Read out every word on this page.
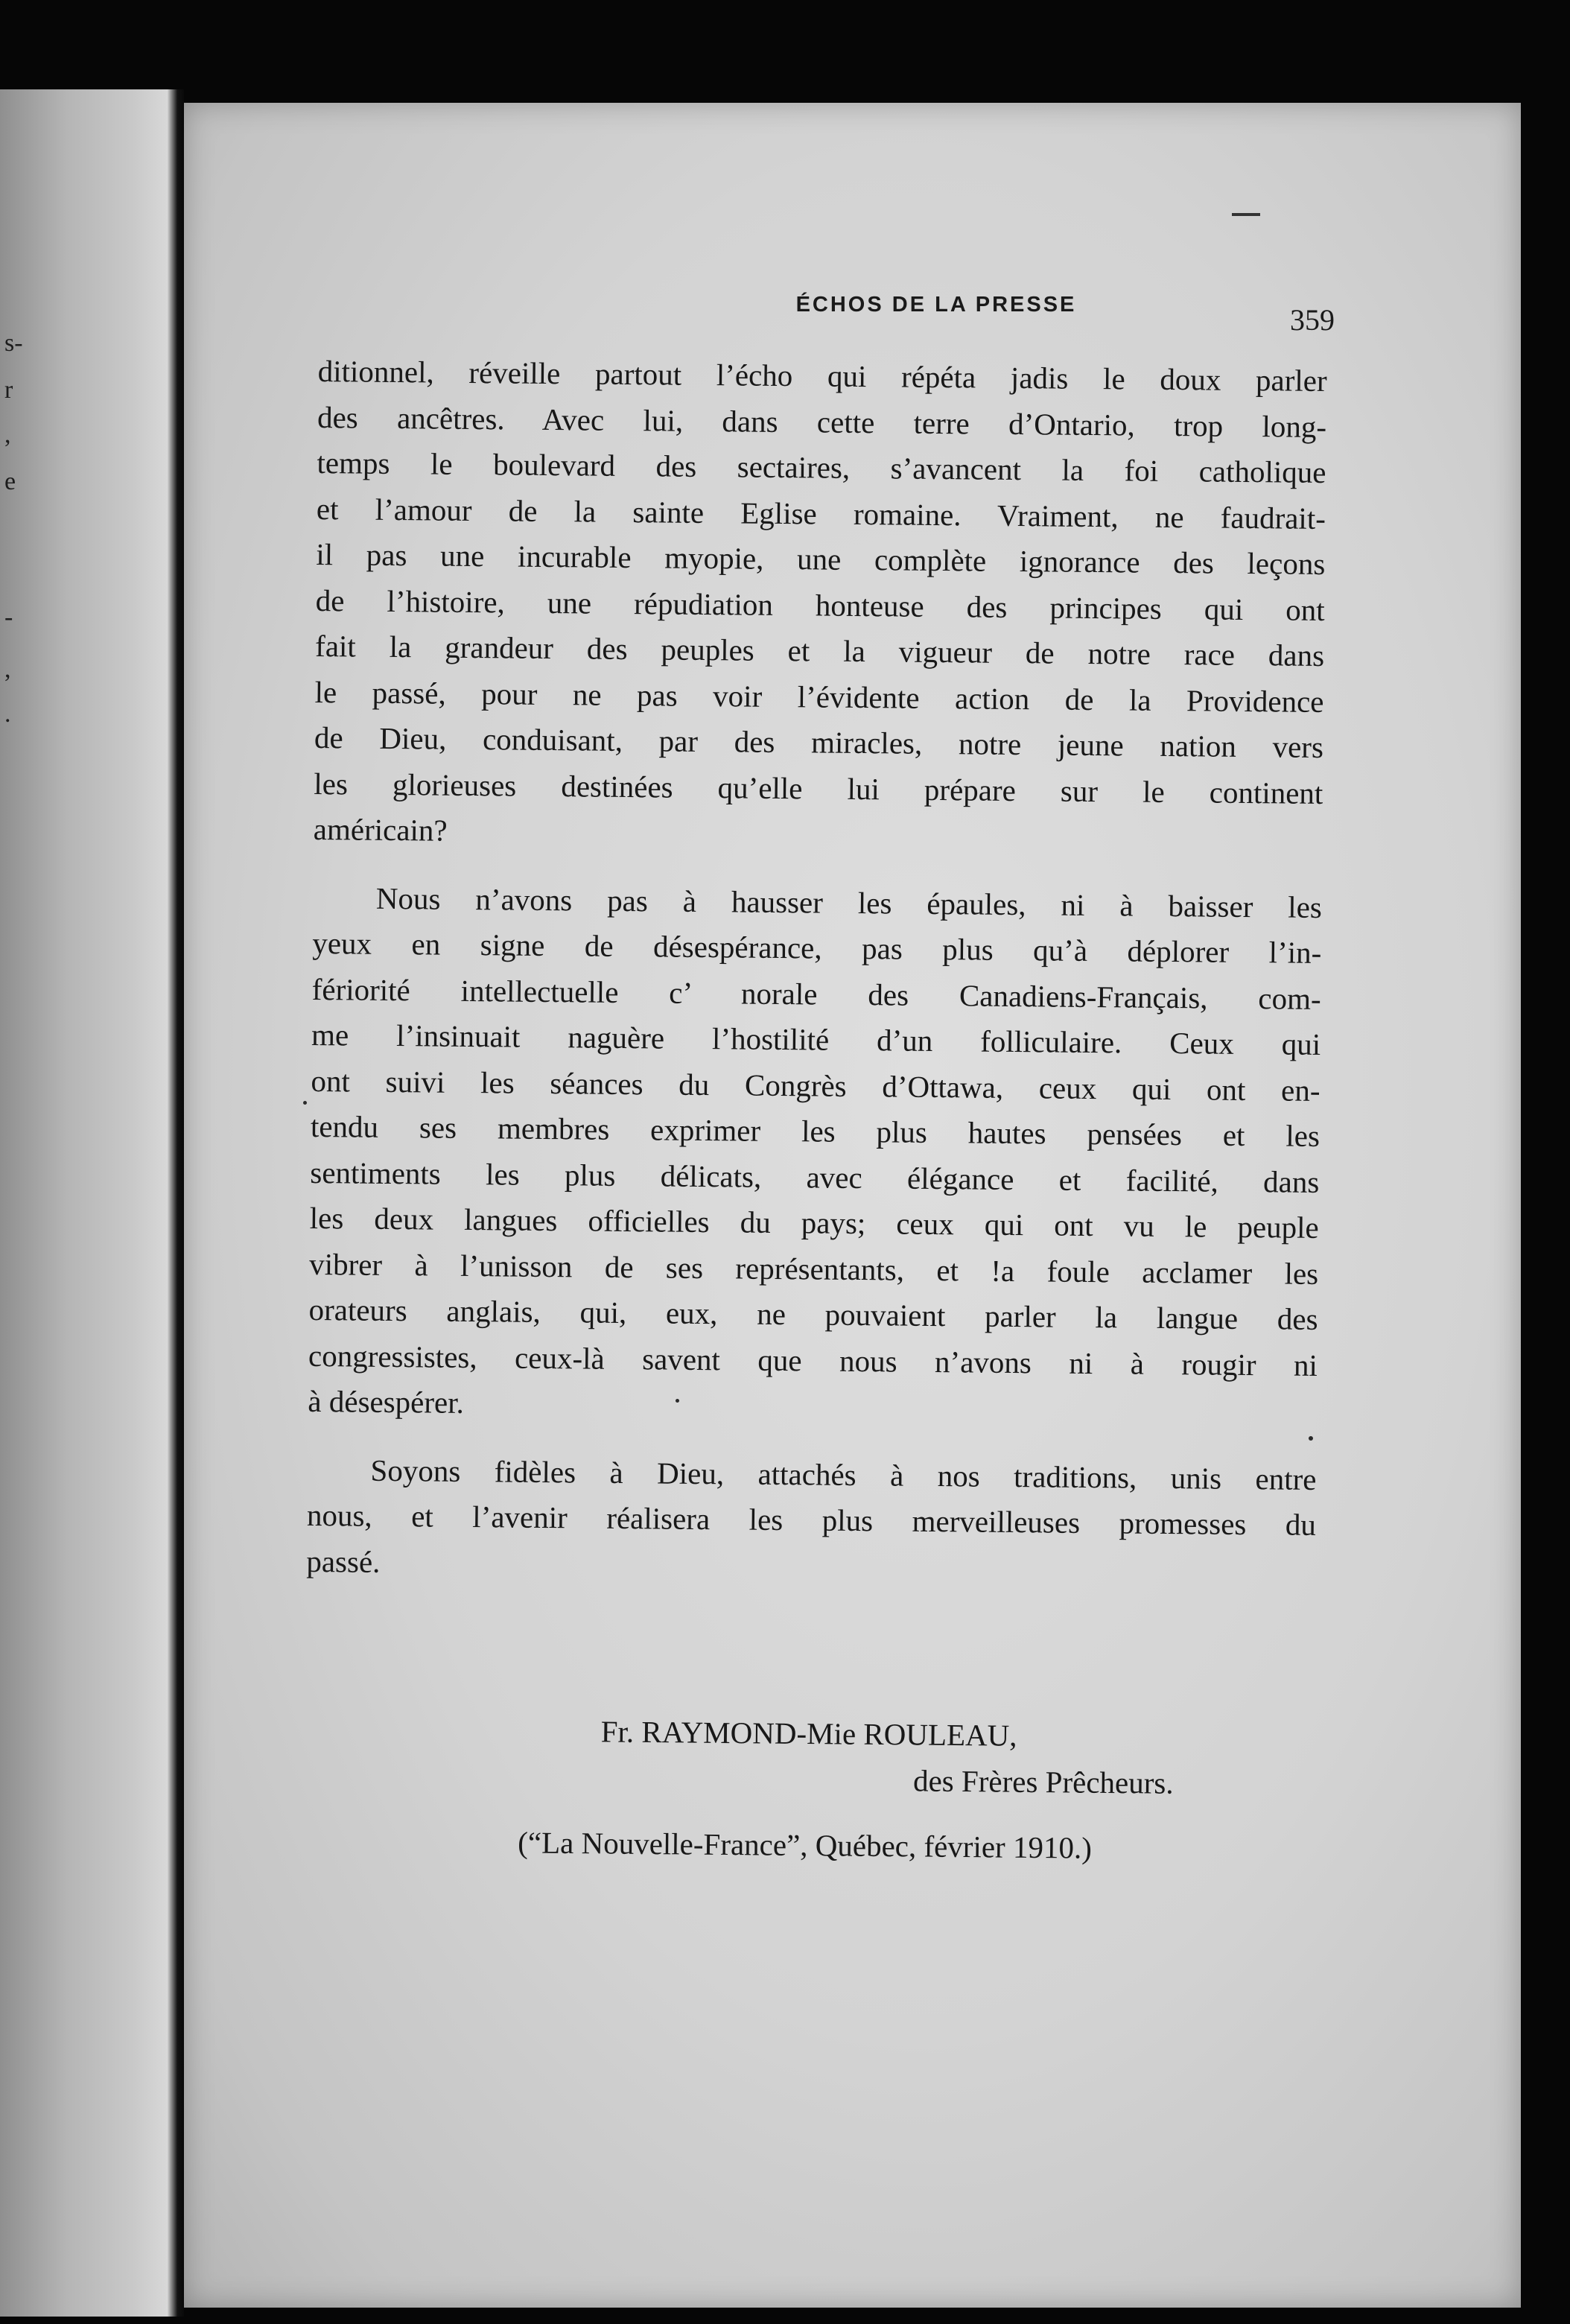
s-
r
,
e
-
,
.
ÉCHOS DE LA PRESSE	359

ditionnel, réveille partout l’écho qui répéta jadis le doux parler
des ancêtres. Avec lui, dans cette terre d’Ontario, trop long-
temps le boulevard des sectaires, s’avancent la foi catholique
et l’amour de la sainte Eglise romaine. Vraiment, ne faudrait-
il pas une incurable myopie, une complète ignorance des leçons
de l’histoire, une répudiation honteuse des principes qui ont
fait la grandeur des peuples et la vigueur de notre race dans
le passé, pour ne pas voir l’évidente action de la Providence
de Dieu, conduisant, par des miracles, notre jeune nation vers
les glorieuses destinées qu’elle lui prépare sur le continent
américain?

Nous n’avons pas à hausser les épaules, ni à baisser les
yeux en signe de désespérance, pas plus qu’à déplorer l’in-
fériorité intellectuelle c’ norale des Canadiens-Français, com-
me l’insinuait naguère l’hostilité d’un folliculaire. Ceux qui
ont suivi les séances du Congrès d’Ottawa, ceux qui ont en-
tendu ses membres exprimer les plus hautes pensées et les
sentiments les plus délicats, avec élégance et facilité, dans
les deux langues officielles du pays; ceux qui ont vu le peuple
vibrer à l’unisson de ses représentants, et !a foule acclamer les
orateurs anglais, qui, eux, ne pouvaient parler la langue des
congressistes, ceux-là savent que nous n’avons ni à rougir ni
à désespérer.

Soyons fidèles à Dieu, attachés à nos traditions, unis entre
nous, et l’avenir réalisera les plus merveilleuses promesses du
passé.

Fr. RAYMOND-Mie ROULEAU,
des Frères Prêcheurs.
(“La Nouvelle-France”, Québec, février 1910.)
